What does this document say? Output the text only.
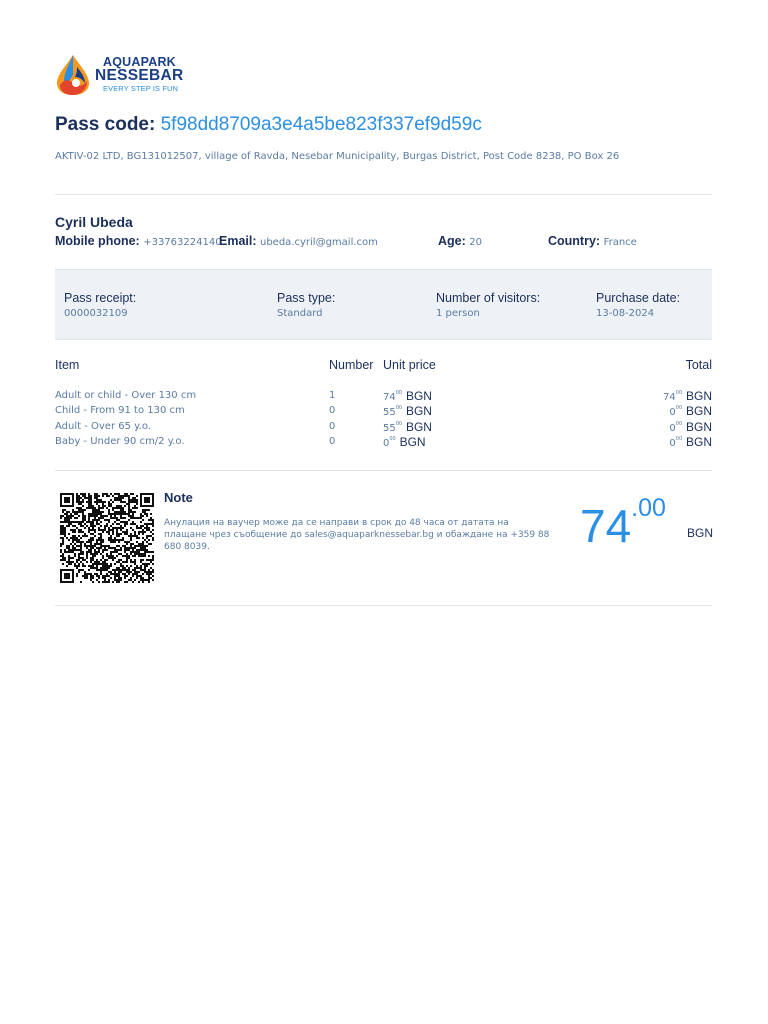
AQUAPARK
NESSEBAR
EVERY STEP IS FUN
Pass code: 5f98dd8709a3e4a5be823f337ef9d59c
AKTIV-02 LTD, BG131012507, village of Ravda, Nesebar Municipality, Burgas District, Post Code 8238, PO Box 26
Cyril Ubeda
Mobile phone: +33763224140
Email: ubeda.cyril@gmail.com	Age: 20	Country: France
Pass receipt:
0000032109
Pass type:
Standard
Number of visitors:
1 person
Purchase date:
13-08-2024
Item	Number Unit price	Total
Adult or child - Over 130 cm	1	$74^{00}$ BGN	$74^{00}$ BGN
Child - From 91 to 130 cm	0	$55^{00}$ BGN	$0^{00}$ BGN
Adult - Over 65 y.o.	0	$55^{00}$ BGN	$0^{00}$ BGN
Baby - Under 90 cm/2 y.o.	0	$0^{00}$ BGN	$0^{00}$ BGN
Note
Анулация на ваучер може да се направи в срок до 48 часа от датата на плащане чрез съобщение до sales@aquaparknessebar.bg и обаждане на +359 88 680 8039.	$74^{.00}$
BGN
